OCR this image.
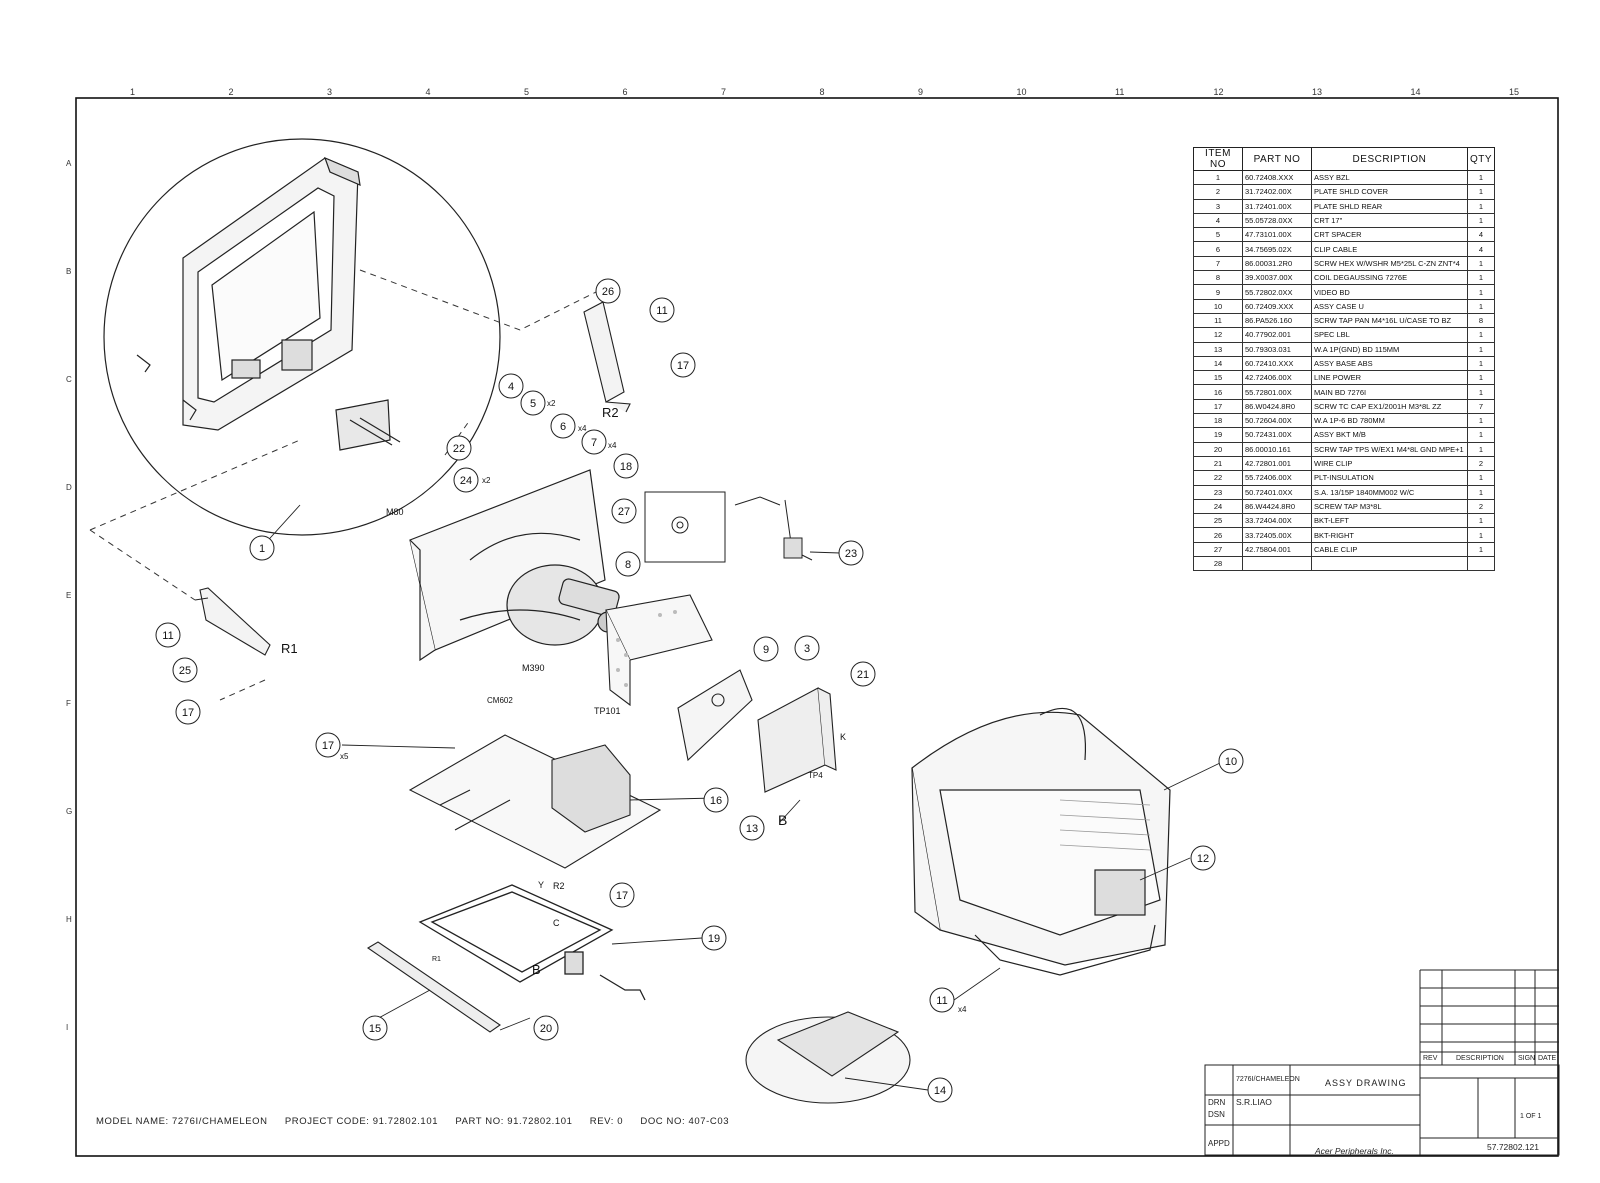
1	2	3	4	5	6	7	8	9	10	11	12	13	14	15
A
B
C
D
E
F
G
H
I
1
3
4
5
6
7
8
9
10
11
11
11
12
13
14
15
16
17
17
17
17
18
19
20
21
22
23
24
25
26
27
x2
x4
x4
x2
x5
x4
M80
M390
CM602
TP101
TP4
R1
R2
R2
B
B
C
K
Y
R1
ITEM NO	PART NO	DESCRIPTION	QTY
1	60.72408.XXX	ASSY BZL	1
2	31.72402.00X	PLATE SHLD COVER	1
3	31.72401.00X	PLATE SHLD REAR	1
4	55.05728.0XX	CRT 17"	1
5	47.73101.00X	CRT SPACER	4
6	34.75695.02X	CLIP CABLE	4
7	86.00031.2R0	SCRW HEX W/WSHR M5*25L C-ZN ZNT*4	1
8	39.X0037.00X	COIL DEGAUSSING 7276E	1
9	55.72802.0XX	VIDEO BD	1
10	60.72409.XXX	ASSY CASE U	1
11	86.PA526.160	SCRW TAP PAN M4*16L U/CASE TO BZ	8
12	40.77902.001	SPEC LBL	1
13	50.79303.031	W.A 1P(GND) BD 115MM	1
14	60.72410.XXX	ASSY BASE ABS	1
15	42.72406.00X	LINE POWER	1
16	55.72801.00X	MAIN BD 7276I	1
17	86.W0424.8R0	SCRW TC CAP EX1/2001H M3*8L ZZ	7
18	50.72604.00X	W.A 1P-6 BD 780MM	1
19	50.72431.00X	ASSY BKT M/B	1
20	86.00010.161	SCRW TAP TPS W/EX1 M4*8L GND MPE+1	1
21	42.72801.001	WIRE CLIP	2
22	55.72406.00X	PLT-INSULATION	1
23	50.72401.0XX	S.A. 13/15P 1840MM002 W/C	1
24	86.W4424.8R0	SCREW TAP M3*8L	2
25	33.72404.00X	BKT-LEFT	1
26	33.72405.00X	BKT-RIGHT	1
27	42.75804.001	CABLE CLIP	1
28			
MODEL NAME: 7276I/CHAMELEON PROJECT CODE: 91.72802.101 PART NO: 91.72802.101 REV: 0 DOC NO: 407-C03
ASSY DRAWING
7276I/CHAMELEON
DRN S.R.LIAO
DSN
APPD
Acer Peripherals Inc.	57.72802.121
1 OF 1
REV	DESCRIPTION SIGN DATE
